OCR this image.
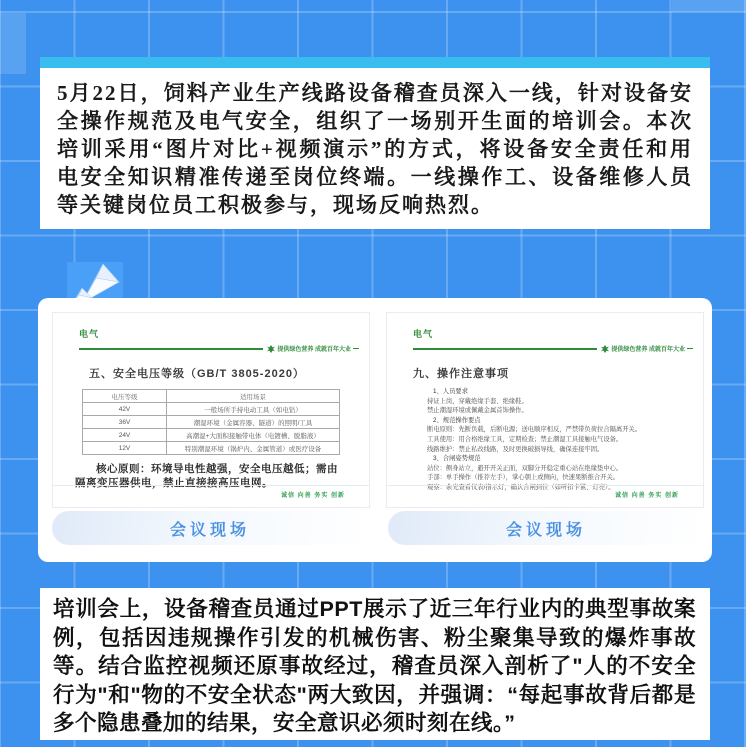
5月22日，饲料产业生产线路设备稽查员深入一线，针对设备安全操作规范及电气安全，组织了一场别开生面的培训会。本次培训采用“图片对比+视频演示”的方式，将设备安全责任和用电安全知识精准传递至岗位终端。一线操作工、设备维修人员等关键岗位员工积极参与，现场反响热烈。

电气
提供绿色营养 成就百年大业
五、安全电压等级（GB/T 3805-2020）
电压等级	适用场景
42V	一般场所手持电动工具（如电钻）
36V	潮湿环境（金属容器、隧道）的照明/工具
24V	高潮湿+大面积接触带电体（电镀槽、脱脂液）
12V	特别潮湿环境（锅炉内、金属管道）或医疗设备
核心原则：环境导电性越强，安全电压越低；需由隔离变压器供电，禁止直接接高压电网。
诚信 向善 务实 创新
电气
提供绿色营养 成就百年大业
九、操作注意事项
1、人员要求
持证上岗，穿戴绝缘手套、绝缘鞋。
禁止潮湿环境或佩戴金属首饰操作。
2、规范操作要点
断电原则：先断负载，后断电源；送电顺序相反，严禁带负荷拉合隔离开关。
工具使用：用合格绝缘工具，定期检查；禁止潮湿工具接触电气设备。
线路维护：禁止私改线路，及时更换破损导线，确保连接牢固。
3、合闸姿势规范
站位：侧身站立，避开开关正面，双脚分开稳定重心站在绝缘垫中心。
手部：单手操作（推荐左手），掌心朝上或侧向，快速果断推合开关。
观察：余光查看仪表/指示灯，确认合闸到位（如听扣卡紧、灯亮）。
诚信 向善 务实 创新
会议现场	会议现场

培训会上，设备稽查员通过PPT展示了近三年行业内的典型事故案例，包括因违规操作引发的机械伤害、粉尘聚集导致的爆炸事故等。结合监控视频还原事故经过，稽查员深入剖析了"人的不安全行为"和"物的不安全状态"两大致因，并强调：“每起事故背后都是多个隐患叠加的结果，安全意识必须时刻在线。”
